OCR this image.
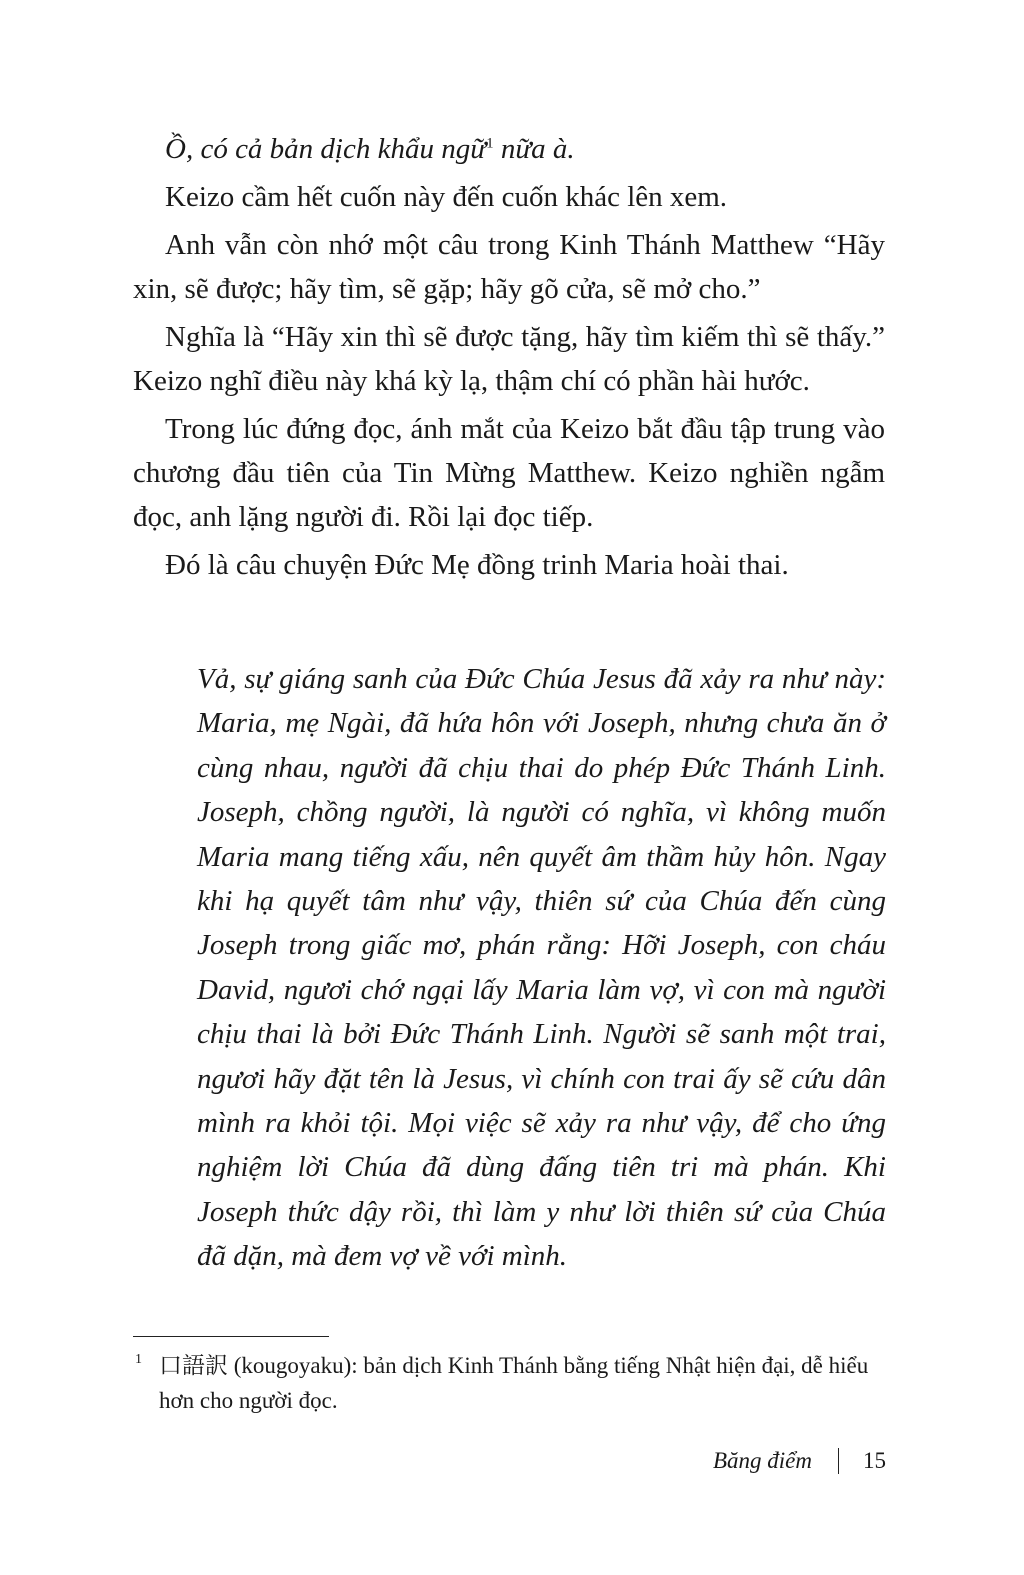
Ồ, có cả bản dịch khẩu ngữ$^1$ nữa à.

Keizo cầm hết cuốn này đến cuốn khác lên xem.

Anh vẫn còn nhớ một câu trong Kinh Thánh Matthew “Hãy xin, sẽ được; hãy tìm, sẽ gặp; hãy gõ cửa, sẽ mở cho.”

Nghĩa là “Hãy xin thì sẽ được tặng, hãy tìm kiếm thì sẽ thấy.” Keizo nghĩ điều này khá kỳ lạ, thậm chí có phần hài hước.

Trong lúc đứng đọc, ánh mắt của Keizo bắt đầu tập trung vào chương đầu tiên của Tin Mừng Matthew. Keizo nghiền ngẫm đọc, anh lặng người đi. Rồi lại đọc tiếp.

Đó là câu chuyện Đức Mẹ đồng trinh Maria hoài thai.

Vả, sự giáng sanh của Đức Chúa Jesus đã xảy ra như này: Maria, mẹ Ngài, đã hứa hôn với Joseph, nhưng chưa ăn ở cùng nhau, người đã chịu thai do phép Đức Thánh Linh. Joseph, chồng người, là người có nghĩa, vì không muốn Maria mang tiếng xấu, nên quyết âm thầm hủy hôn. Ngay khi hạ quyết tâm như vậy, thiên sứ của Chúa đến cùng Joseph trong giấc mơ, phán rằng: Hỡi Joseph, con cháu David, ngươi chớ ngại lấy Maria làm vợ, vì con mà người chịu thai là bởi Đức Thánh Linh. Người sẽ sanh một trai, ngươi hãy đặt tên là Jesus, vì chính con trai ấy sẽ cứu dân mình ra khỏi tội. Mọi việc sẽ xảy ra như vậy, để cho ứng nghiệm lời Chúa đã dùng đấng tiên tri mà phán. Khi Joseph thức dậy rồi, thì làm y như lời thiên sứ của Chúa đã dặn, mà đem vợ về với mình.

1 口語訳 (kougoyaku): bản dịch Kinh Thánh bằng tiếng Nhật hiện đại, dễ hiểu hơn cho người đọc.
Băng điểm 15
